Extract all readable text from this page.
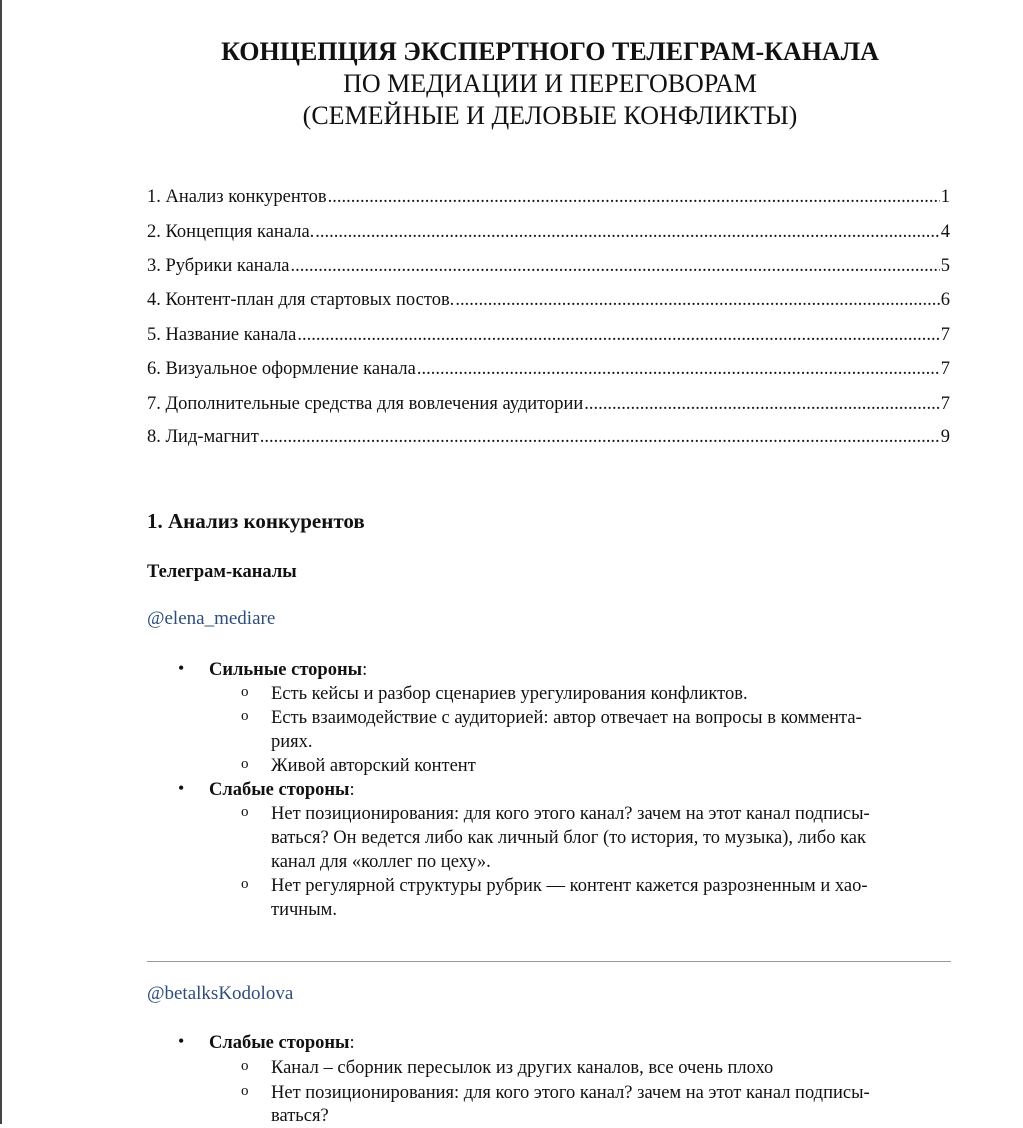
КОНЦЕПЦИЯ ЭКСПЕРТНОГО ТЕЛЕГРАМ-КАНАЛА
ПО МЕДИАЦИИ И ПЕРЕГОВОРАМ
(СЕМЕЙНЫЕ И ДЕЛОВЫЕ КОНФЛИКТЫ)
1. Анализ конкурентов .....	1
2. Концепция канала. .....	4
3. Рубрики канала .....	5
4. Контент-план для стартовых постов. .....	6
5. Название канала .....	7
6. Визуальное оформление канала .....	7
7. Дополнительные средства для вовлечения аудитории .....	7
8. Лид-магнит .....	9
1. Анализ конкурентов
Телеграм-каналы
@elena_mediare
• Сильные стороны:
o Есть кейсы и разбор сценариев урегулирования конфликтов.
o Есть взаимодействие с аудиторией: автор отвечает на вопросы в коммента-
риях.
o Живой авторский контент
• Слабые стороны:
o Нет позиционирования: для кого этого канал? зачем на этот канал подписы-
ваться? Он ведется либо как личный блог (то история, то музыка), либо как
канал для «коллег по цеху».
o Нет регулярной структуры рубрик — контент кажется разрозненным и хао-
тичным.
@betalksKodolova
• Слабые стороны:
o Канал – сборник пересылок из других каналов, все очень плохо
o Нет позиционирования: для кого этого канал? зачем на этот канал подписы-
ваться?
